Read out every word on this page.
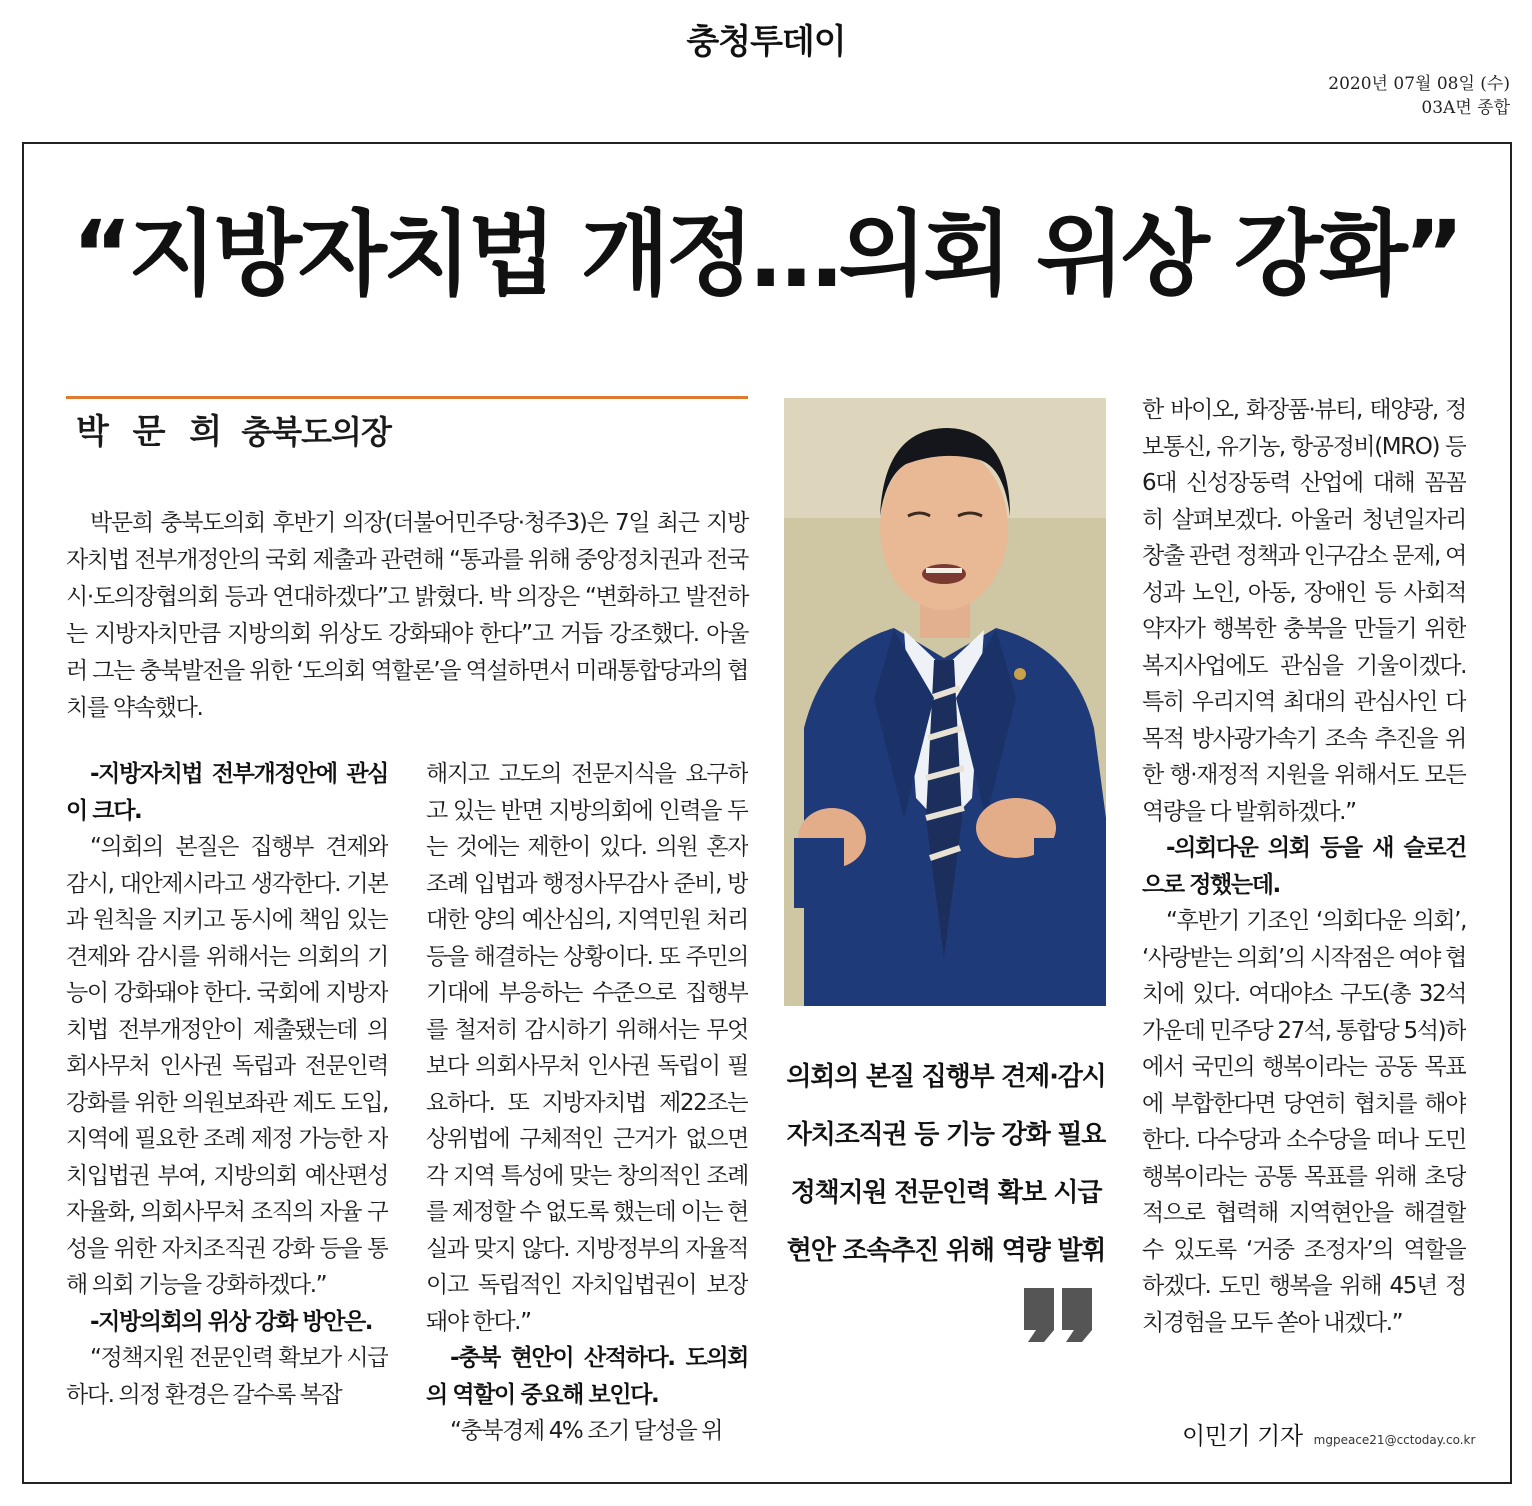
충청투데이
2020년 07월 08일 (수)
03A면 종합
“지방자치법 개정…의회 위상 강화”
박 문 희 충북도의장

박문희 충북도의회 후반기 의장(더불어민주당·청주3)은 7일 최근 지방자치법 전부개정안의 국회 제출과 관련해 “통과를 위해 중앙정치권과 전국시·도의장협의회 등과 연대하겠다”고 밝혔다. 박 의장은 “변화하고 발전하는 지방자치만큼 지방의회 위상도 강화돼야 한다”고 거듭 강조했다. 아울러 그는 충북발전을 위한 ‘도의회 역할론’을 역설하면서 미래통합당과의 협치를 약속했다.

-지방자치법 전부개정안에 관심이 크다.

“의회의 본질은 집행부 견제와 감시, 대안제시라고 생각한다. 기본과 원칙을 지키고 동시에 책임 있는 견제와 감시를 위해서는 의회의 기능이 강화돼야 한다. 국회에 지방자치법 전부개정안이 제출됐는데 의회사무처 인사권 독립과 전문인력 강화를 위한 의원보좌관 제도 도입, 지역에 필요한 조례 제정 가능한 자치입법권 부여, 지방의회 예산편성 자율화, 의회사무처 조직의 자율 구성을 위한 자치조직권 강화 등을 통해 의회 기능을 강화하겠다.”

-지방의회의 위상 강화 방안은.

“정책지원 전문인력 확보가 시급하다. 의정 환경은 갈수록 복잡

해지고 고도의 전문지식을 요구하고 있는 반면 지방의회에 인력을 두는 것에는 제한이 있다. 의원 혼자 조례 입법과 행정사무감사 준비, 방대한 양의 예산심의, 지역민원 처리 등을 해결하는 상황이다. 또 주민의 기대에 부응하는 수준으로 집행부를 철저히 감시하기 위해서는 무엇보다 의회사무처 인사권 독립이 필요하다. 또 지방자치법 제22조는 상위법에 구체적인 근거가 없으면 각 지역 특성에 맞는 창의적인 조례를 제정할 수 없도록 했는데 이는 현실과 맞지 않다. 지방정부의 자율적이고 독립적인 자치입법권이 보장돼야 한다.”

-충북 현안이 산적하다. 도의회의 역할이 중요해 보인다.

“충북경제 4% 조기 달성을 위

의회의 본질 집행부 견제·감시
자치조직권 등 기능 강화 필요
정책지원 전문인력 확보 시급
현안 조속추진 위해 역량 발휘

한 바이오, 화장품·뷰티, 태양광, 정보통신, 유기농, 항공정비(MRO) 등 6대 신성장동력 산업에 대해 꼼꼼히 살펴보겠다. 아울러 청년일자리 창출 관련 정책과 인구감소 문제, 여성과 노인, 아동, 장애인 등 사회적 약자가 행복한 충북을 만들기 위한 복지사업에도 관심을 기울이겠다. 특히 우리지역 최대의 관심사인 다목적 방사광가속기 조속 추진을 위한 행·재정적 지원을 위해서도 모든 역량을 다 발휘하겠다.”

-의회다운 의회 등을 새 슬로건으로 정했는데.

“후반기 기조인 ‘의회다운 의회’, ‘사랑받는 의회’의 시작점은 여야 협치에 있다. 여대야소 구도(총 32석 가운데 민주당 27석, 통합당 5석)하에서 국민의 행복이라는 공동 목표에 부합한다면 당연히 협치를 해야 한다. 다수당과 소수당을 떠나 도민행복이라는 공통 목표를 위해 초당적으로 협력해 지역현안을 해결할 수 있도록 ‘거중 조정자’의 역할을 하겠다. 도민 행복을 위해 45년 정치경험을 모두 쏟아 내겠다.”

이민기 기자 mgpeace21@cctoday.co.kr
